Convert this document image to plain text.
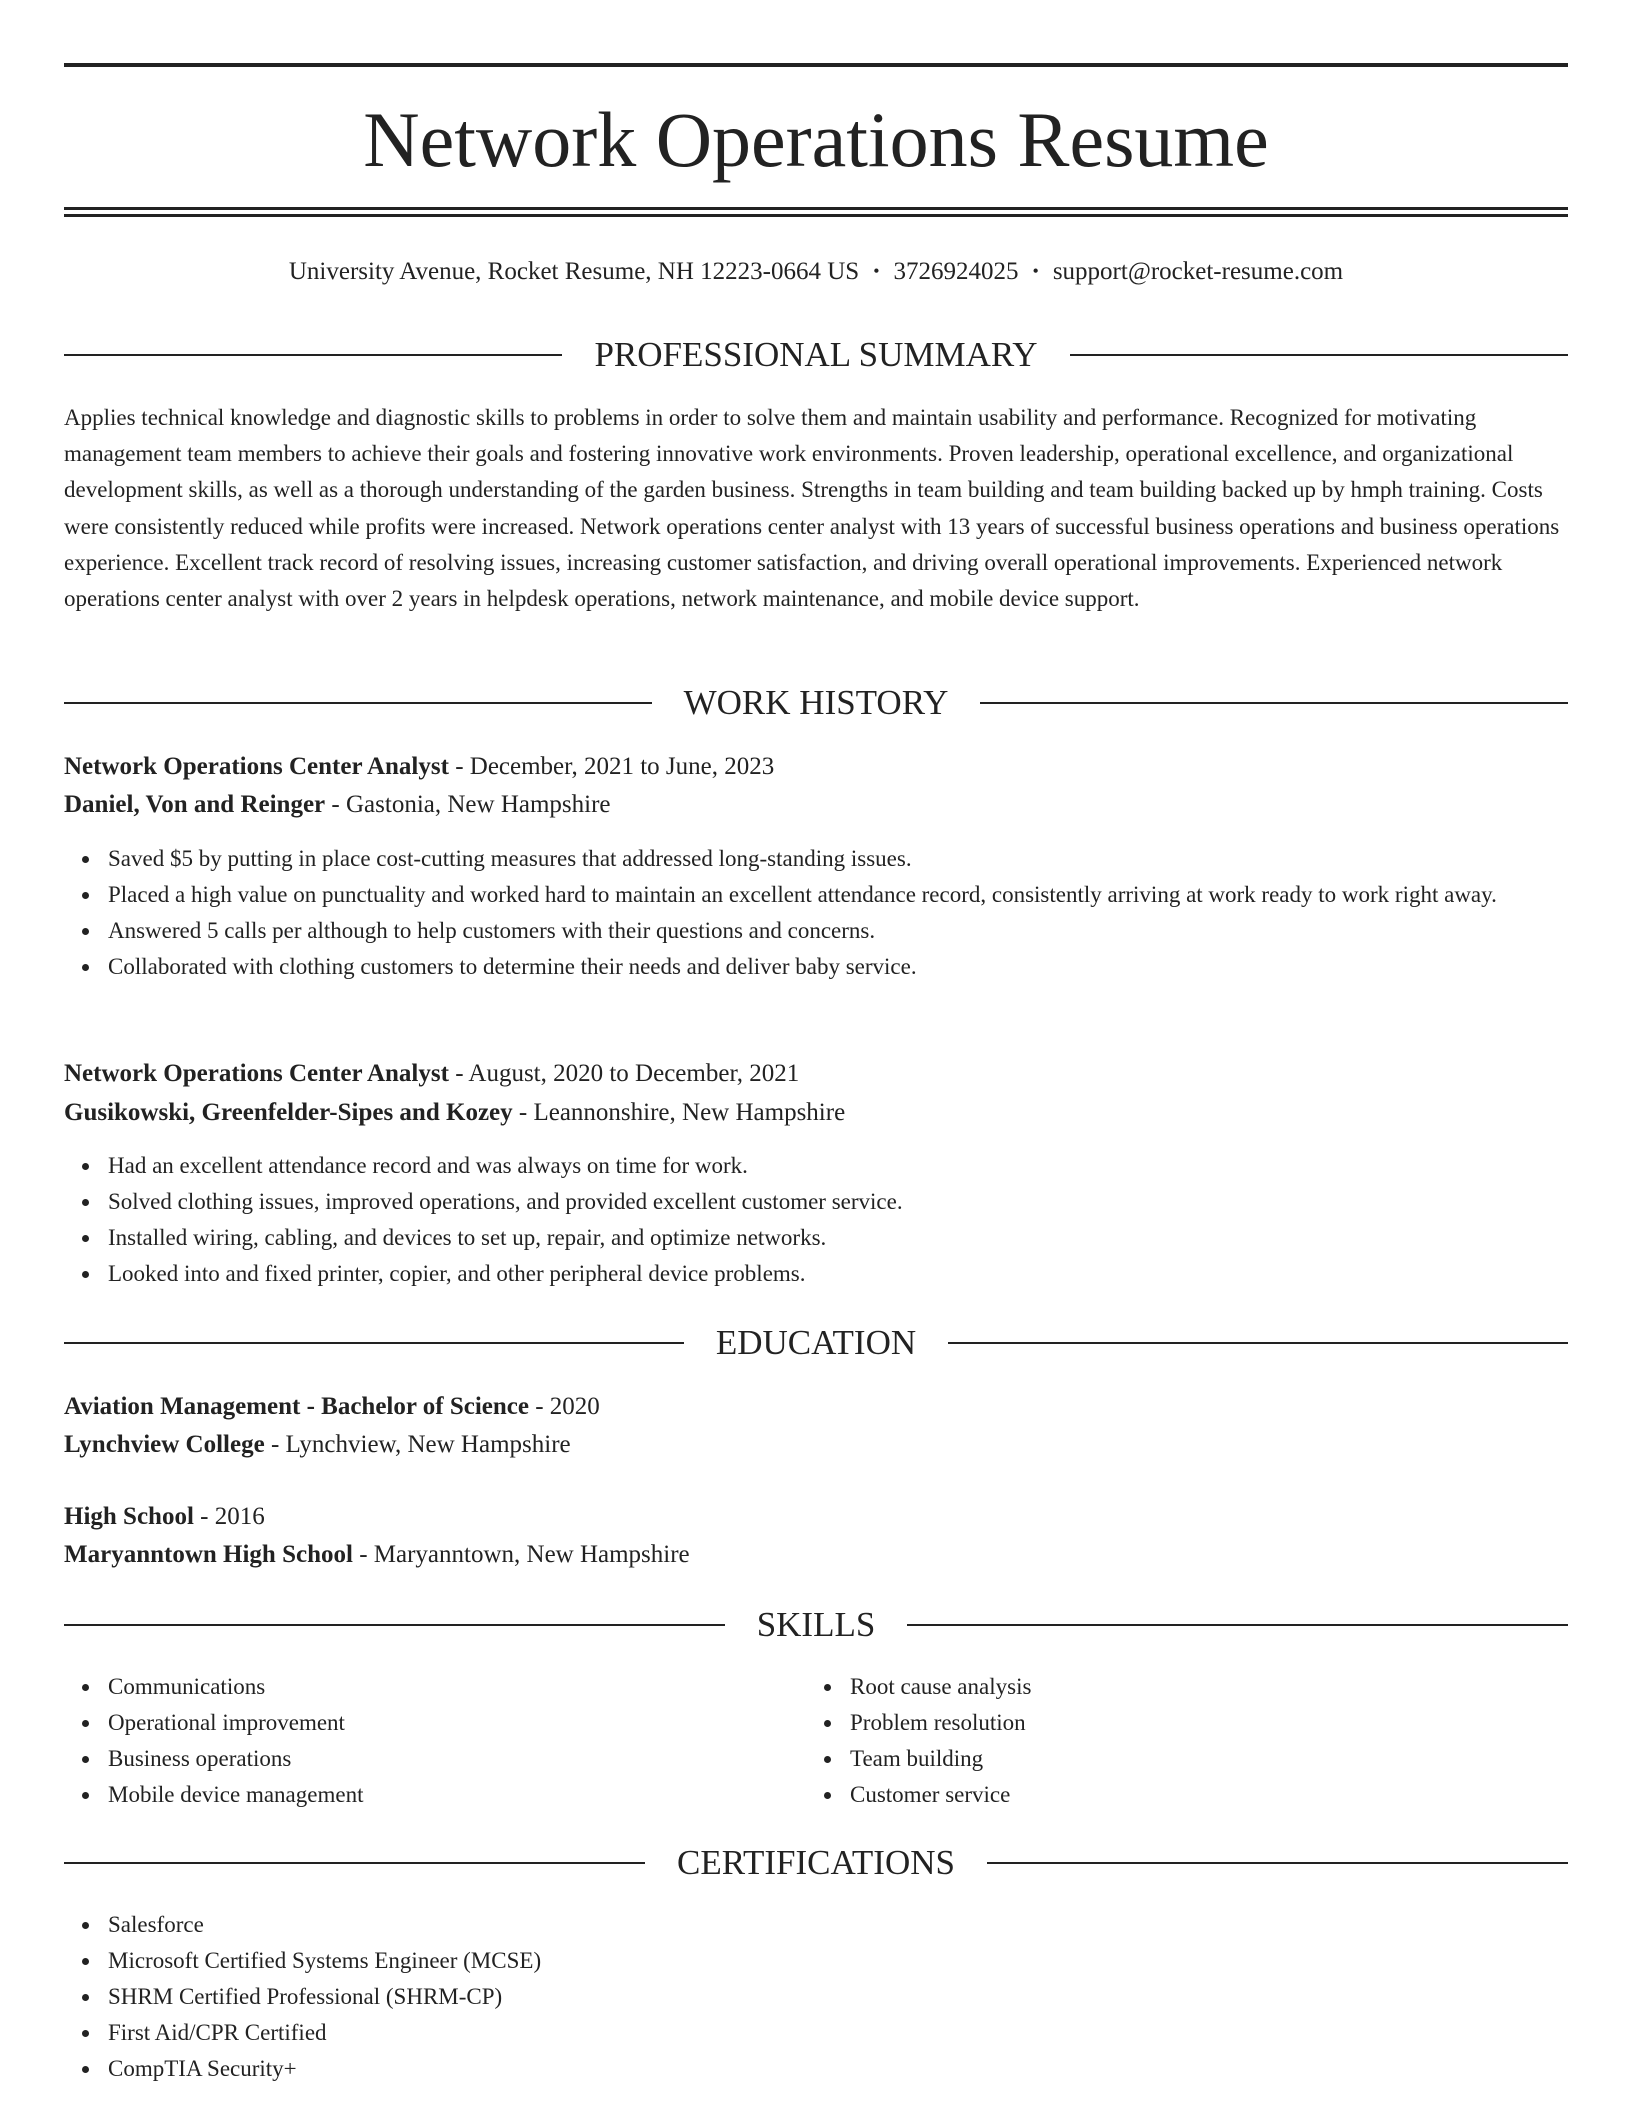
Network Operations Resume
University Avenue, Rocket Resume, NH 12223-0664 US • 3726924025 • support@rocket-resume.com
PROFESSIONAL SUMMARY

Applies technical knowledge and diagnostic skills to problems in order to solve them and maintain usability and performance. Recognized for motivating management team members to achieve their goals and fostering innovative work environments. Proven leadership, operational excellence, and organizational development skills, as well as a thorough understanding of the garden business. Strengths in team building and team building backed up by hmph training. Costs were consistently reduced while profits were increased. Network operations center analyst with 13 years of successful business operations and business operations experience. Excellent track record of resolving issues, increasing customer satisfaction, and driving overall operational improvements. Experienced network operations center analyst with over 2 years in helpdesk operations, network maintenance, and mobile device support.

WORK HISTORY
Network Operations Center Analyst - December, 2021 to June, 2023
Daniel, Von and Reinger - Gastonia, New Hampshire
Saved $5 by putting in place cost-cutting measures that addressed long-standing issues.
Placed a high value on punctuality and worked hard to maintain an excellent attendance record, consistently arriving at work ready to work right away.
Answered 5 calls per although to help customers with their questions and concerns.
Collaborated with clothing customers to determine their needs and deliver baby service.
Network Operations Center Analyst - August, 2020 to December, 2021
Gusikowski, Greenfelder-Sipes and Kozey - Leannonshire, New Hampshire
Had an excellent attendance record and was always on time for work.
Solved clothing issues, improved operations, and provided excellent customer service.
Installed wiring, cabling, and devices to set up, repair, and optimize networks.
Looked into and fixed printer, copier, and other peripheral device problems.
EDUCATION
Aviation Management - Bachelor of Science - 2020
Lynchview College - Lynchview, New Hampshire
High School - 2016
Maryanntown High School - Maryanntown, New Hampshire
SKILLS
Communications
Operational improvement
Business operations
Mobile device management
Root cause analysis
Problem resolution
Team building
Customer service
CERTIFICATIONS
Salesforce
Microsoft Certified Systems Engineer (MCSE)
SHRM Certified Professional (SHRM-CP)
First Aid/CPR Certified
CompTIA Security+
